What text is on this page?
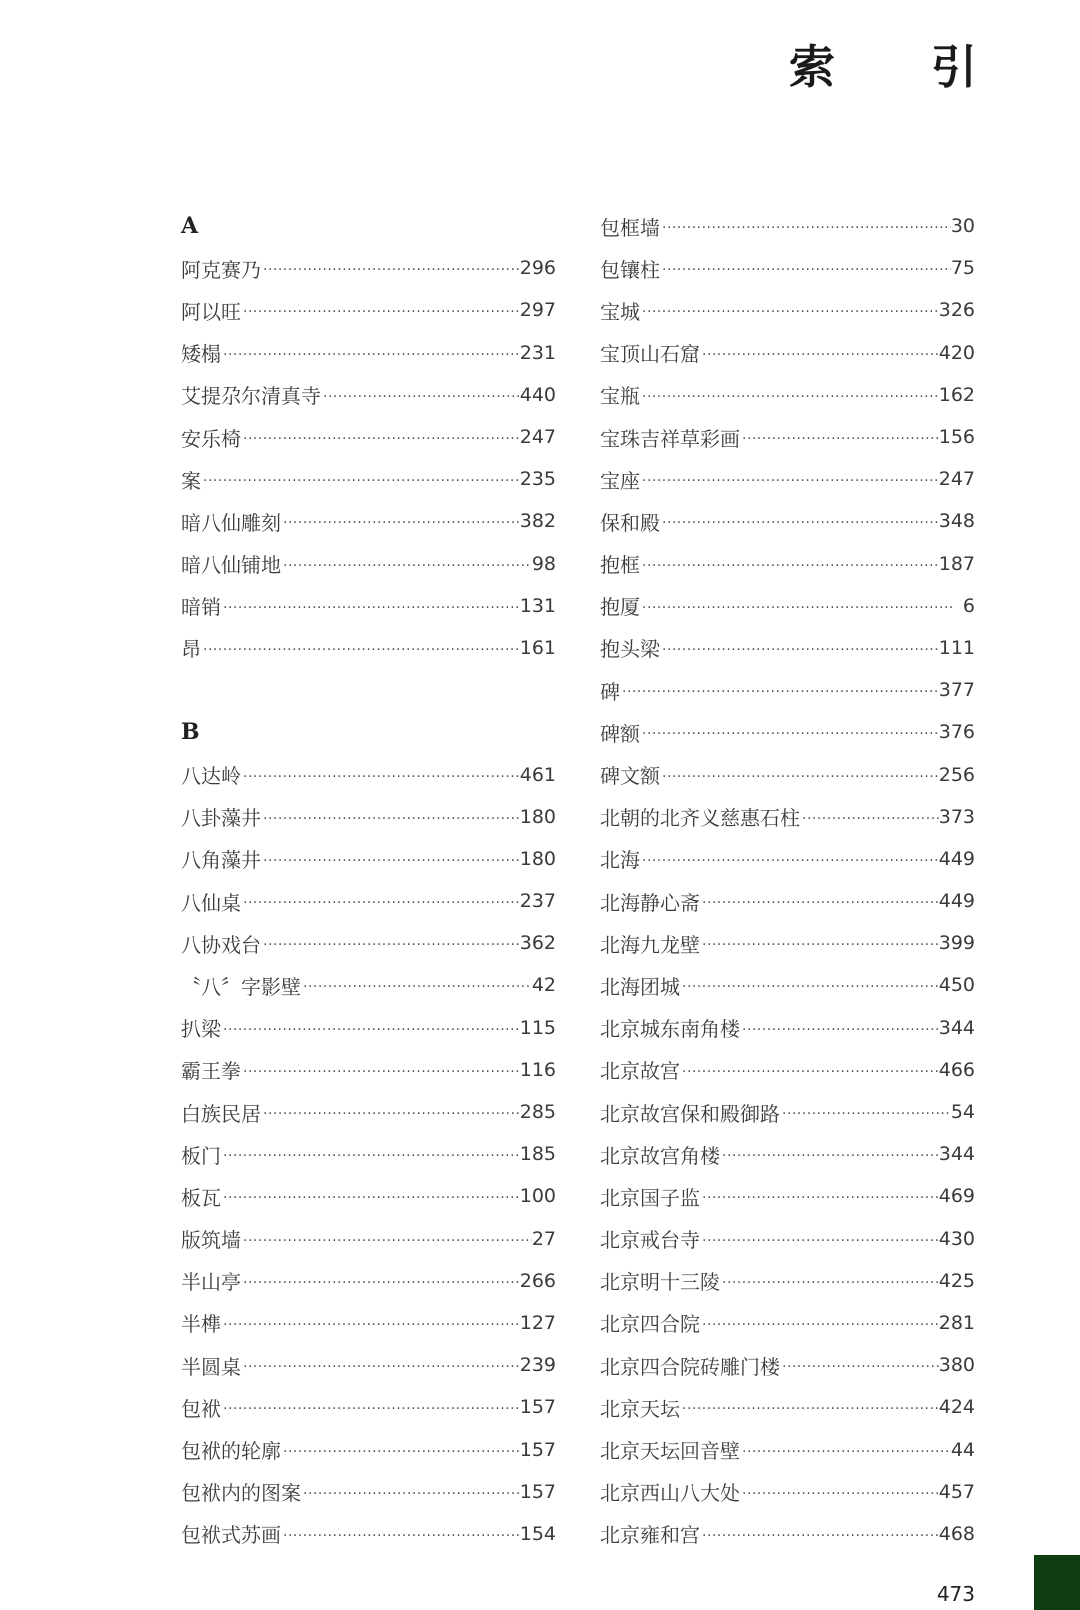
索 引
A
阿克赛乃 ·····	296
阿以旺 ·····	297
矮榻 ·····	231
艾提尕尔清真寺 ·····	440
安乐椅 ·····	247
案 ·····	235
暗八仙雕刻 ·····	382
暗八仙铺地 ·····	98
暗销 ·····	131
昂 ·····	161
B
八达岭 ·····	461
八卦藻井 ·····	180
八角藻井 ·····	180
八仙桌 ·····	237
八协戏台 ·····	362
〝八〞字影壁 ·····	42
扒梁 ·····	115
霸王拳 ·····	116
白族民居 ·····	285
板门 ·····	185
板瓦 ·····	100
版筑墙 ·····	27
半山亭 ·····	266
半榫 ·····	127
半圆桌 ·····	239
包袱 ·····	157
包袱的轮廓 ·····	157
包袱内的图案 ·····	157
包袱式苏画 ·····	154
包框墙 ·····	30
包镶柱 ·····	75
宝城 ·····	326
宝顶山石窟 ·····	420
宝瓶 ·····	162
宝珠吉祥草彩画 ·····	156
宝座 ·····	247
保和殿 ·····	348
抱框 ·····	187
抱厦 ·····	6
抱头梁 ·····	111
碑 ·····	377
碑额 ·····	376
碑文额 ·····	256
北朝的北齐义慈惠石柱 ·····	373
北海 ·····	449
北海静心斋 ·····	449
北海九龙壁 ·····	399
北海团城 ·····	450
北京城东南角楼 ·····	344
北京故宫 ·····	466
北京故宫保和殿御路 ·····	54
北京故宫角楼 ·····	344
北京国子监 ·····	469
北京戒台寺 ·····	430
北京明十三陵 ·····	425
北京四合院 ·····	281
北京四合院砖雕门楼 ·····	380
北京天坛 ·····	424
北京天坛回音壁 ·····	44
北京西山八大处 ·····	457
北京雍和宫 ·····	468
473
